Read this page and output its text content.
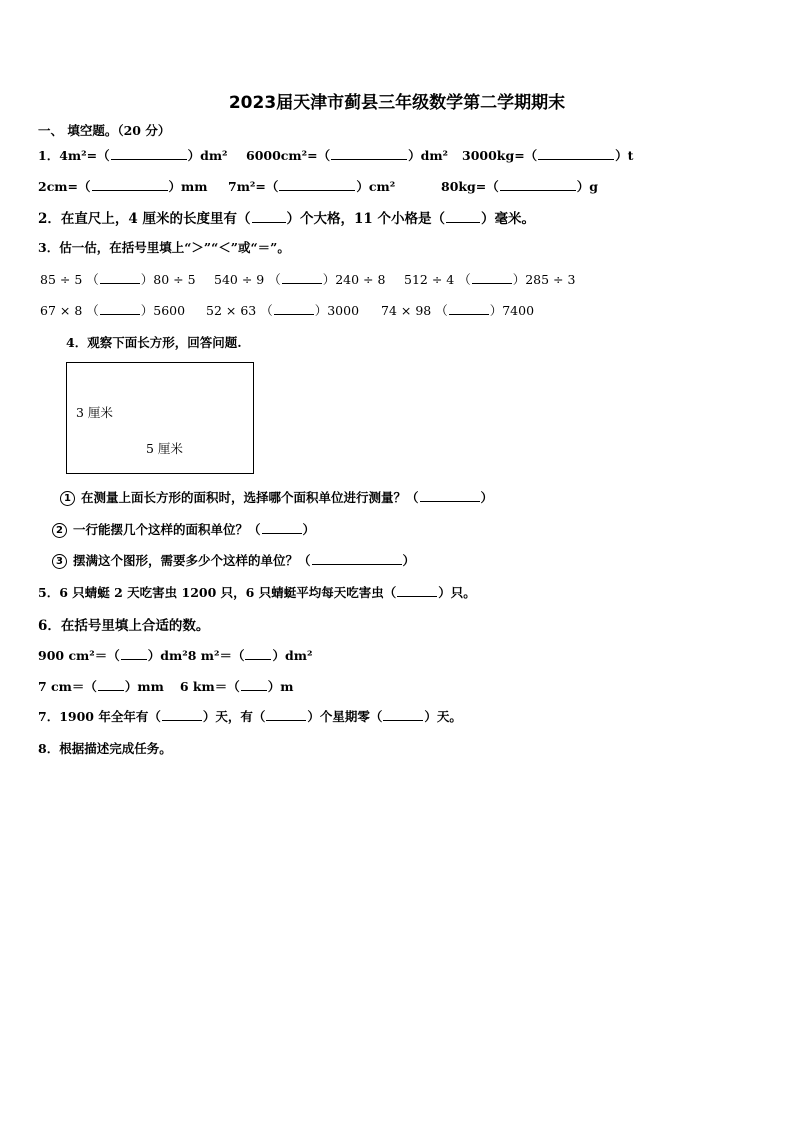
2023届天津市蓟县三年级数学第二学期期末
一、 填空题。（20 分）
1．4m²=（	）dm² 6000cm²=（	）dm² 3000kg=（	）t
2cm=（	）mm 7m²=（	）cm²	80kg=（	）g
2．在直尺上，4 厘米的长度里有（	）个大格，11 个小格是（	）毫米。
3．估一估，在括号里填上“＞”“＜”或“＝”。
85 ÷ 5 （	）80 ÷ 5 540 ÷ 9 （	）240 ÷ 8 512 ÷ 4 （	）285 ÷ 3
67 × 8 （	）5600 52 × 63 （	）3000 74 × 98 （	）7400
4．观察下面长方形，回答问题.
3 厘米
5 厘米
1 在测量上面长方形的面积时，选择哪个面积单位进行测量？（	）
2 一行能摆几个这样的面积单位？（	）
3 摆满这个图形，需要多少个这样的单位？（	）
5．6 只蜻蜓 2 天吃害虫 1200 只，6 只蜻蜓平均每天吃害虫（	）只。
6．在括号里填上合适的数。
900 cm²＝（ ）dm²8 m²＝（ ）dm²
7 cm＝（ ）mm 6 km＝（ ）m
7．1900 年全年有（	）天，有（	）个星期零（	）天。
8．根据描述完成任务。
